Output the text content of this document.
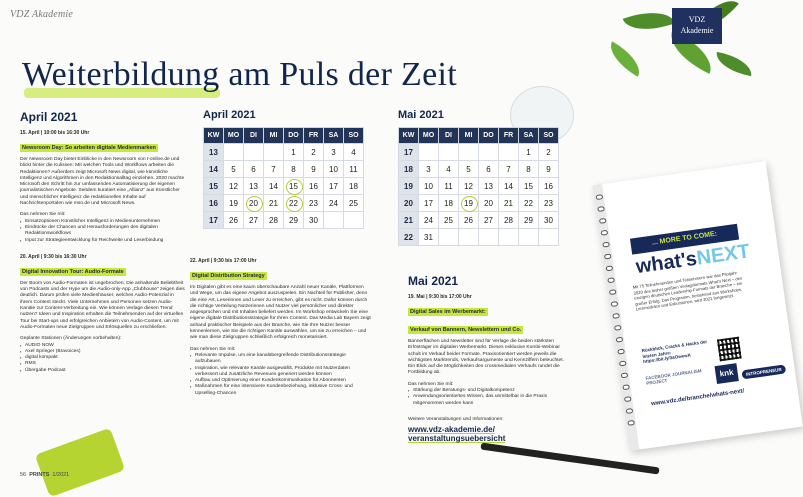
VDZ Akademie	VDZ
Akademie
Weiterbildung am Puls der Zeit
April 2021
15. April | 10:00 bis 16:30 Uhr
Newsroom Day: So arbeiten digitale Medienmarken
Der Newsroom Day bietet Einblicke in den Newsroom von t-online.de und blickt hinter die Kulissen: Mit welchen Tools und Workflows arbeiten die Redaktionen? Außerdem zeigt Microsoft News digital, wie künstliche Intelligenz und Algorithmen in den Redaktionsalltag einziehen. 2020 machte Microsoft den Schritt hin zur umfassenden Automatisierung der eigenen journalistischen Angebote. Seitdem kuratiert eine „Allianz“ aus Künstlicher und menschlicher Intelligenz die redaktionellen Inhalte auf Nachrichtenportalen wie msn.de und Microsoft News.
Das nehmen Sie mit:
▪ Einsatzoptionen Künstlicher Intelligenz in Medienunternehmen
▪ Eindrücke der Chancen und Herausforderungen des digitalen Redaktionsworkflows
▪ Input zur Strategieentwicklung für Reichweite und Leserbindung
20. April | 9:30 bis 16:30 Uhr
Digital Innovation Tour: Audio-Formate
Der Boom von Audio-Formaten ist ungebrochen. Die anhaltende Beliebtheit von Podcasts und der Hype um die Audio-only-App „Clubhouse“ zeigen dies deutlich. Darum prüfen viele Medienhäuser, welches Audio-Potenzial in ihrem Content steckt. Viele Unternehmen und Personen setzen Audio-Kanäle zur Content-Verbreitung ein. Wie können Verlage diesen Trend nutzen? Ideen und Inspiration erhalten die Teilnehmenden auf der virtuellen Tour bei Start-ups und erfolgreichen Anbietern von Audio-Content, um mit Audio-Formaten neue Zielgruppen und Erlösquellen zu erschließen.
Geplante Stationen (Änderungen vorbehalten):
▪ AUDIO NOW
▪ Axel Springer (Bravoices)
▪ digital kompakt
▪ RMS
▪ Übergabe Podcast
April 2021
KW	MO	DI	MI	DO	FR	SA	SO
13				1	2	3	4
14	5	6	7	8	9	10	11
15	12	13	14	15	16	17	18
16	19	20	21	22	23	24	25
17	26	27	28	29	30		
Mai 2021
KW	MO	DI	MI	DO	FR	SA	SO
17						1	2
18	3	4	5	6	7	8	9
19	10	11	12	13	14	15	16
20	17	18	19	20	21	22	23
21	24	25	26	27	28	29	30
22	31						
22. April | 9:30 bis 17:00 Uhr
Digital Distribution Strategy
Im Digitalen gibt es eine kaum überschaubare Anzahl neuer Kanäle, Plattformen und Wege, um das eigene Angebot auszuspielen. Ein Nachteil für Publisher, denn die eine Art, Leserinnen und Leser zu erreichen, gibt es nicht. Dafür können durch die richtige Verteilung Nutzerinnen und Nutzer viel persönlicher und direkter angesprochen und mit Inhalten beliefert werden. Im Workshop entwickeln Sie eine eigene digitale Distributionsstrategie für Ihren Content. Das Media Lab Bayern zeigt anhand praktischer Beispiele aus der Branche, wie Sie Ihre Nutzer besser kennenlernen, wie Sie die richtigen Kanäle auswählen, um sie zu erreichen – und wie man diese Zielgruppen schließlich erfolgreich monetarisiert.
Das nehmen Sie mit:
▪ Relevante Impulse, um eine kanalübergreifende Distributionsstrategie aufzubauen
▪ Inspiration, wie relevante Kanäle ausgewählt, Produkte mit Nutzerdaten verbessert und zusätzliche Revenues generiert werden können
▪ Aufbau und Optimierung einer Kundenkommunikation für Abonnenten
▪ Maßnahmen für eine intensivere Kundenbeziehung, inklusive Cross- und Upselling-Chancen
Mai 2021
19. Mai | 9:30 bis 17:00 Uhr
Digital Sales im Werbemarkt:
Verkauf von Bannern, Newslettern und Co.
Bannerflächen und Newsletter sind für Verlage die beiden stärksten Erlösträger im digitalen Werbemarkt. Dieses exklusive Kombi-Webinar schult im Verkauf beider Formate. Praxisorientiert werden jeweils die wichtigsten Marktrends, Verkaufsargumente und Kennziffern beleuchtet. Ein Blick auf die Möglichkeiten des crossmedialen Verkaufs rundet die Fortbildung ab.
Das nehmen Sie mit:
▪ Stärkung der Beratungs- und Digitalkompetenz
▪ Anwendungsorientiertes Wissen, das unmittelbar in die Praxis mitgenommen werden kann
Weitere Veranstaltungen und Informationen:
www.vdz-akademie.de/
veranstaltungsuebersicht
... MORE TO COME:
what'sNEXT
Mit 75 Teilnehmenden und Teilnehmern war das Pilotjahr 2020 des bisher größten Verlagsformats What's Next – des einzigen deutschen Leadership-Formats der Branche – ein großer Erfolg. Das Programm, bestehend aus Workshops, Lernmodulen und Exkursionen, wird 2021 fortgesetzt.
Rückblick, Cracks & Hacks der letzten Jahre: https://bit.ly/3aOwewA
FACEBOOK JOURNALISM PROJECT
knk	INTROPRENEUR
www.vdz.de/branche/whats-next/
56 PRINTS 1/2021
